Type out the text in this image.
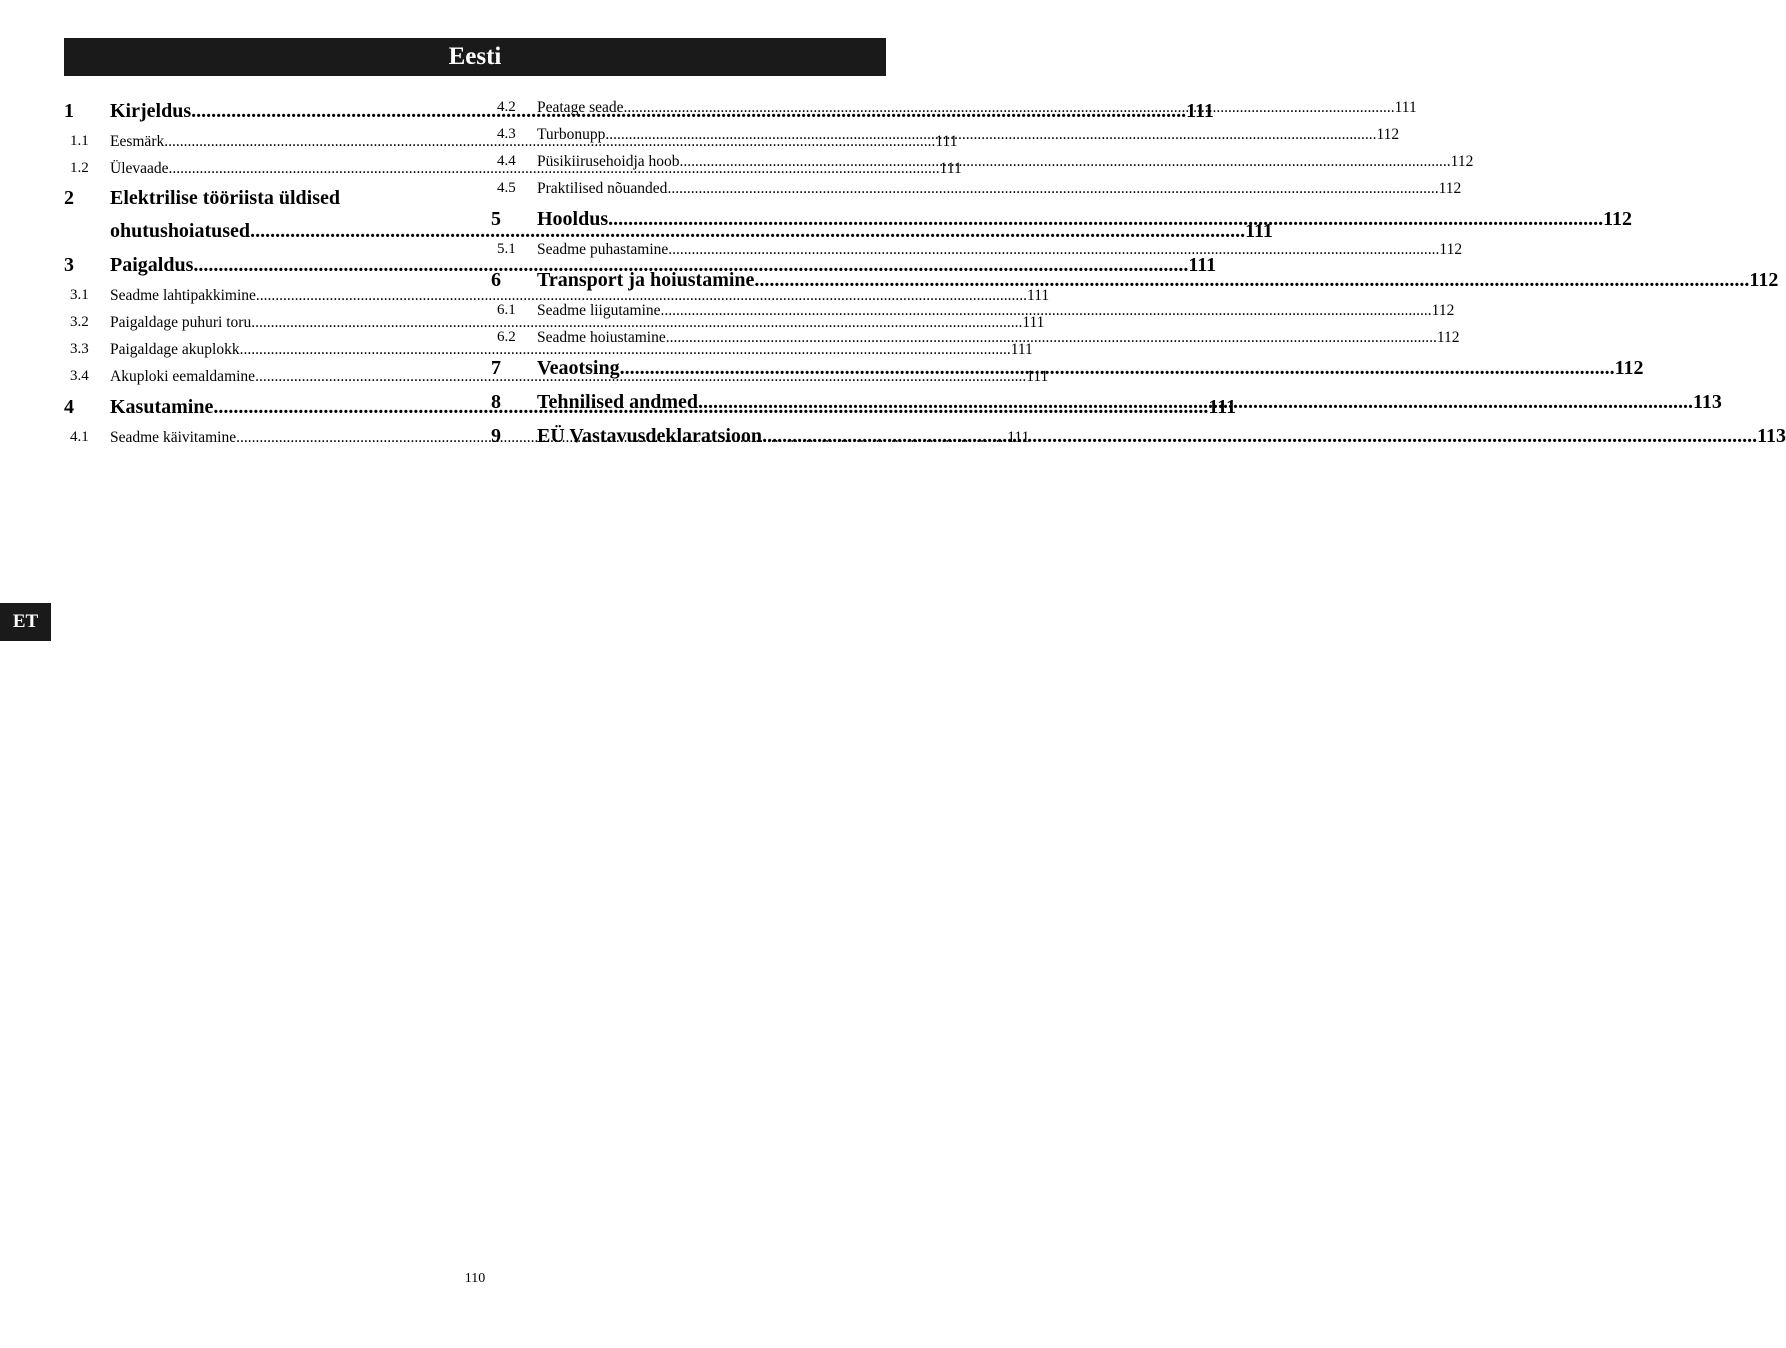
Eesti
1	Kirjeldus .....	111
1.1	Eesmärk .....	111
1.2	Ülevaade .....	111
2	Elektrilise tööriista üldised
ohutushoiatused .....	111
3	Paigaldus .....	111
3.1	Seadme lahtipakkimine .....	111
3.2	Paigaldage puhuri toru .....	111
3.3	Paigaldage akuplokk .....	111
3.4	Akuploki eemaldamine .....	111
4	Kasutamine .....	111
4.1	Seadme käivitamine .....	111
4.2	Peatage seade .....	111
4.3	Turbonupp .....	112
4.4	Püsikiirusehoidja hoob .....	112
4.5	Praktilised nõuanded .....	112
5	Hooldus .....	112
5.1	Seadme puhastamine .....	112
6	Transport ja hoiustamine .....	112
6.1	Seadme liigutamine .....	112
6.2	Seadme hoiustamine .....	112
7	Veaotsing .....	112
8	Tehnilised andmed .....	113
9	EÜ Vastavusdeklaratsioon .....	113
ET
110
